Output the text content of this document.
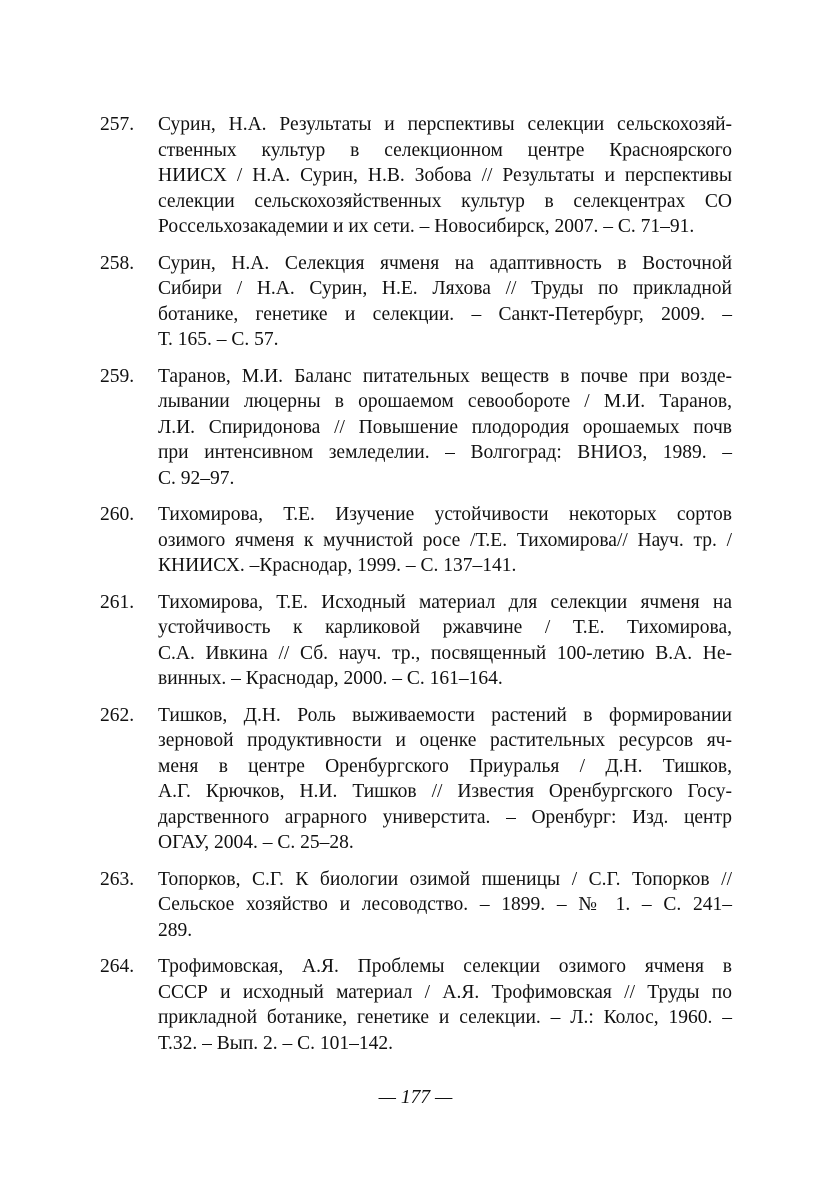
257.	Сурин, Н.А. Результаты и перспективы селекции сельскохозяй-
ственных культур в селекционном центре Красноярского
НИИСХ / Н.А. Сурин, Н.В. Зобова // Результаты и перспективы
селекции сельскохозяйственных культур в селекцентрах СО
Россельхозакадемии и их сети. – Новосибирск, 2007. – С. 71–91.
258.	Сурин, Н.А. Селекция ячменя на адаптивность в Восточной
Сибири / Н.А. Сурин, Н.Е. Ляхова // Труды по прикладной
ботанике, генетике и селекции. – Санкт-Петербург, 2009. –
Т. 165. – С. 57.
259.	Таранов, М.И. Баланс питательных веществ в почве при возде-
лывании люцерны в орошаемом севообороте / М.И. Таранов,
Л.И. Спиридонова // Повышение плодородия орошаемых почв
при интенсивном земледелии. – Волгоград: ВНИОЗ, 1989. –
С. 92–97.
260.	Тихомирова, Т.Е. Изучение устойчивости некоторых сортов
озимого ячменя к мучнистой росе /Т.Е. Тихомирова// Науч. тр. /
КНИИСХ. –Краснодар, 1999. – С. 137–141.
261.	Тихомирова, Т.Е. Исходный материал для селекции ячменя на
устойчивость к карликовой ржавчине / Т.Е. Тихомирова,
С.А. Ивкина // Сб. науч. тр., посвященный 100-летию В.А. Не-
винных. – Краснодар, 2000. – С. 161–164.
262.	Тишков, Д.Н. Роль выживаемости растений в формировании
зерновой продуктивности и оценке растительных ресурсов яч-
меня в центре Оренбургского Приуралья / Д.Н. Тишков,
А.Г. Крючков, Н.И. Тишков // Известия Оренбургского Госу-
дарственного аграрного универститa. – Оренбург: Изд. центр
ОГАУ, 2004. – С. 25–28.
263.	Топорков, С.Г. К биологии озимой пшеницы / С.Г. Топорков //
Сельское хозяйство и лесоводство. – 1899. – № 1. – С. 241–
289.
264.	Трофимовская, А.Я. Проблемы селекции озимого ячменя в
СССР и исходный материал / А.Я. Трофимовская // Труды по
прикладной ботанике, генетике и селекции. – Л.: Колос, 1960. –
Т.32. – Вып. 2. – С. 101–142.
— 177 —
